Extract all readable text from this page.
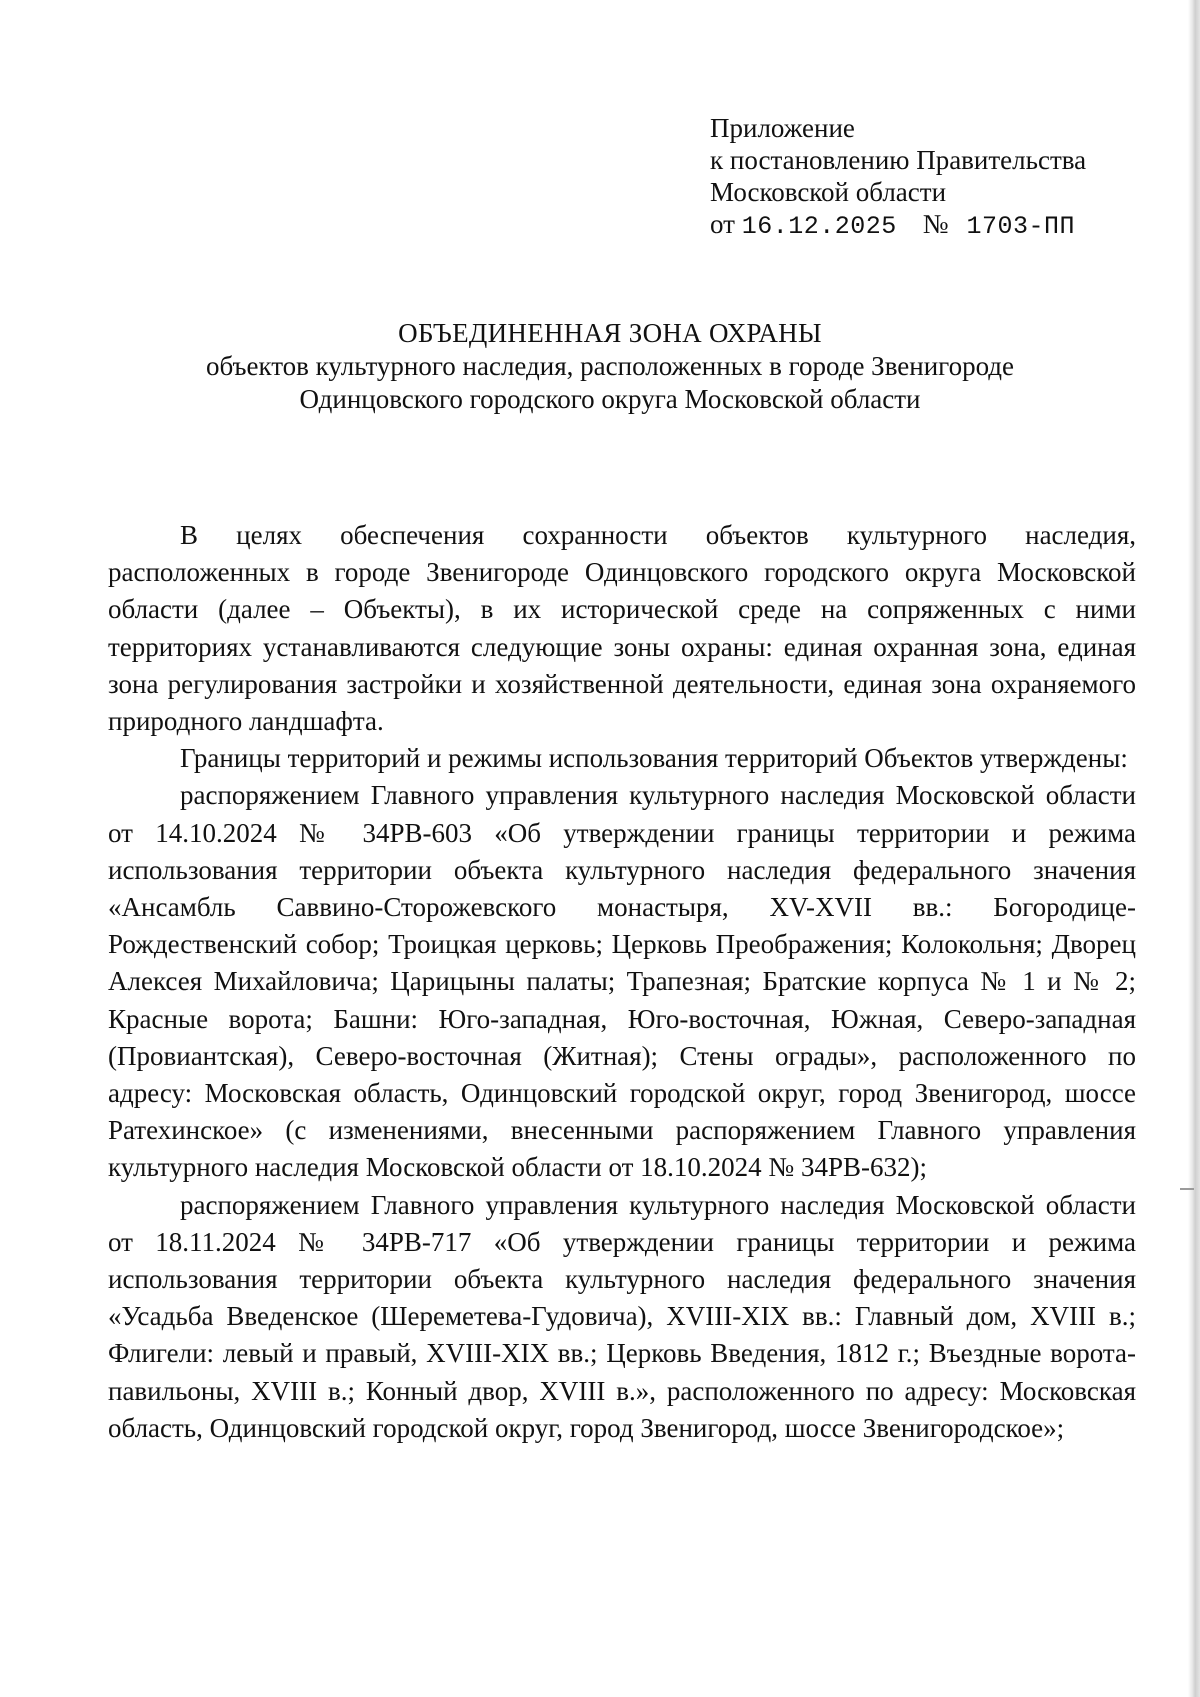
Приложение
к постановлению Правительства
Московской области
от 16.12.2025 № 1703-ПП
ОБЪЕДИНЕННАЯ ЗОНА ОХРАНЫ
объектов культурного наследия, расположенных в городе Звенигороде
Одинцовского городского округа Московской области

В целях обеспечения сохранности объектов культурного наследия, расположенных в городе Звенигороде Одинцовского городского округа Московской области (далее – Объекты), в их исторической среде на сопряженных с ними территориях устанавливаются следующие зоны охраны: единая охранная зона, единая зона регулирования застройки и хозяйственной деятельности, единая зона охраняемого природного ландшафта.

Границы территорий и режимы использования территорий Объектов утверждены:

распоряжением Главного управления культурного наследия Московской области от 14.10.2024 № 34РВ-603 «Об утверждении границы территории и режима использования территории объекта культурного наследия федерального значения «Ансамбль Саввино-Сторожевского монастыря, XV-XVII вв.: Богородице-Рождественский собор; Троицкая церковь; Церковь Преображения; Колокольня; Дворец Алексея Михайловича; Царицыны палаты; Трапезная; Братские корпуса № 1 и № 2; Красные ворота; Башни: Юго-западная, Юго-восточная, Южная, Северо-западная (Провиантская), Северо-восточная (Житная); Стены ограды», расположенного по адресу: Московская область, Одинцовский городской округ, город Звенигород, шоссе Ратехинское» (с изменениями, внесенными распоряжением Главного управления культурного наследия Московской области от 18.10.2024 № 34РВ-632);

распоряжением Главного управления культурного наследия Московской области от 18.11.2024 № 34РВ-717 «Об утверждении границы территории и режима использования территории объекта культурного наследия федерального значения «Усадьба Введенское (Шереметева-Гудовича), XVIII-XIX вв.: Главный дом, XVIII в.; Флигели: левый и правый, XVIII-XIX вв.; Церковь Введения, 1812 г.; Въездные ворота-павильоны, XVIII в.; Конный двор, XVIII в.», расположенного по адресу: Московская область, Одинцовский городской округ, город Звенигород, шоссе Звенигородское»;
